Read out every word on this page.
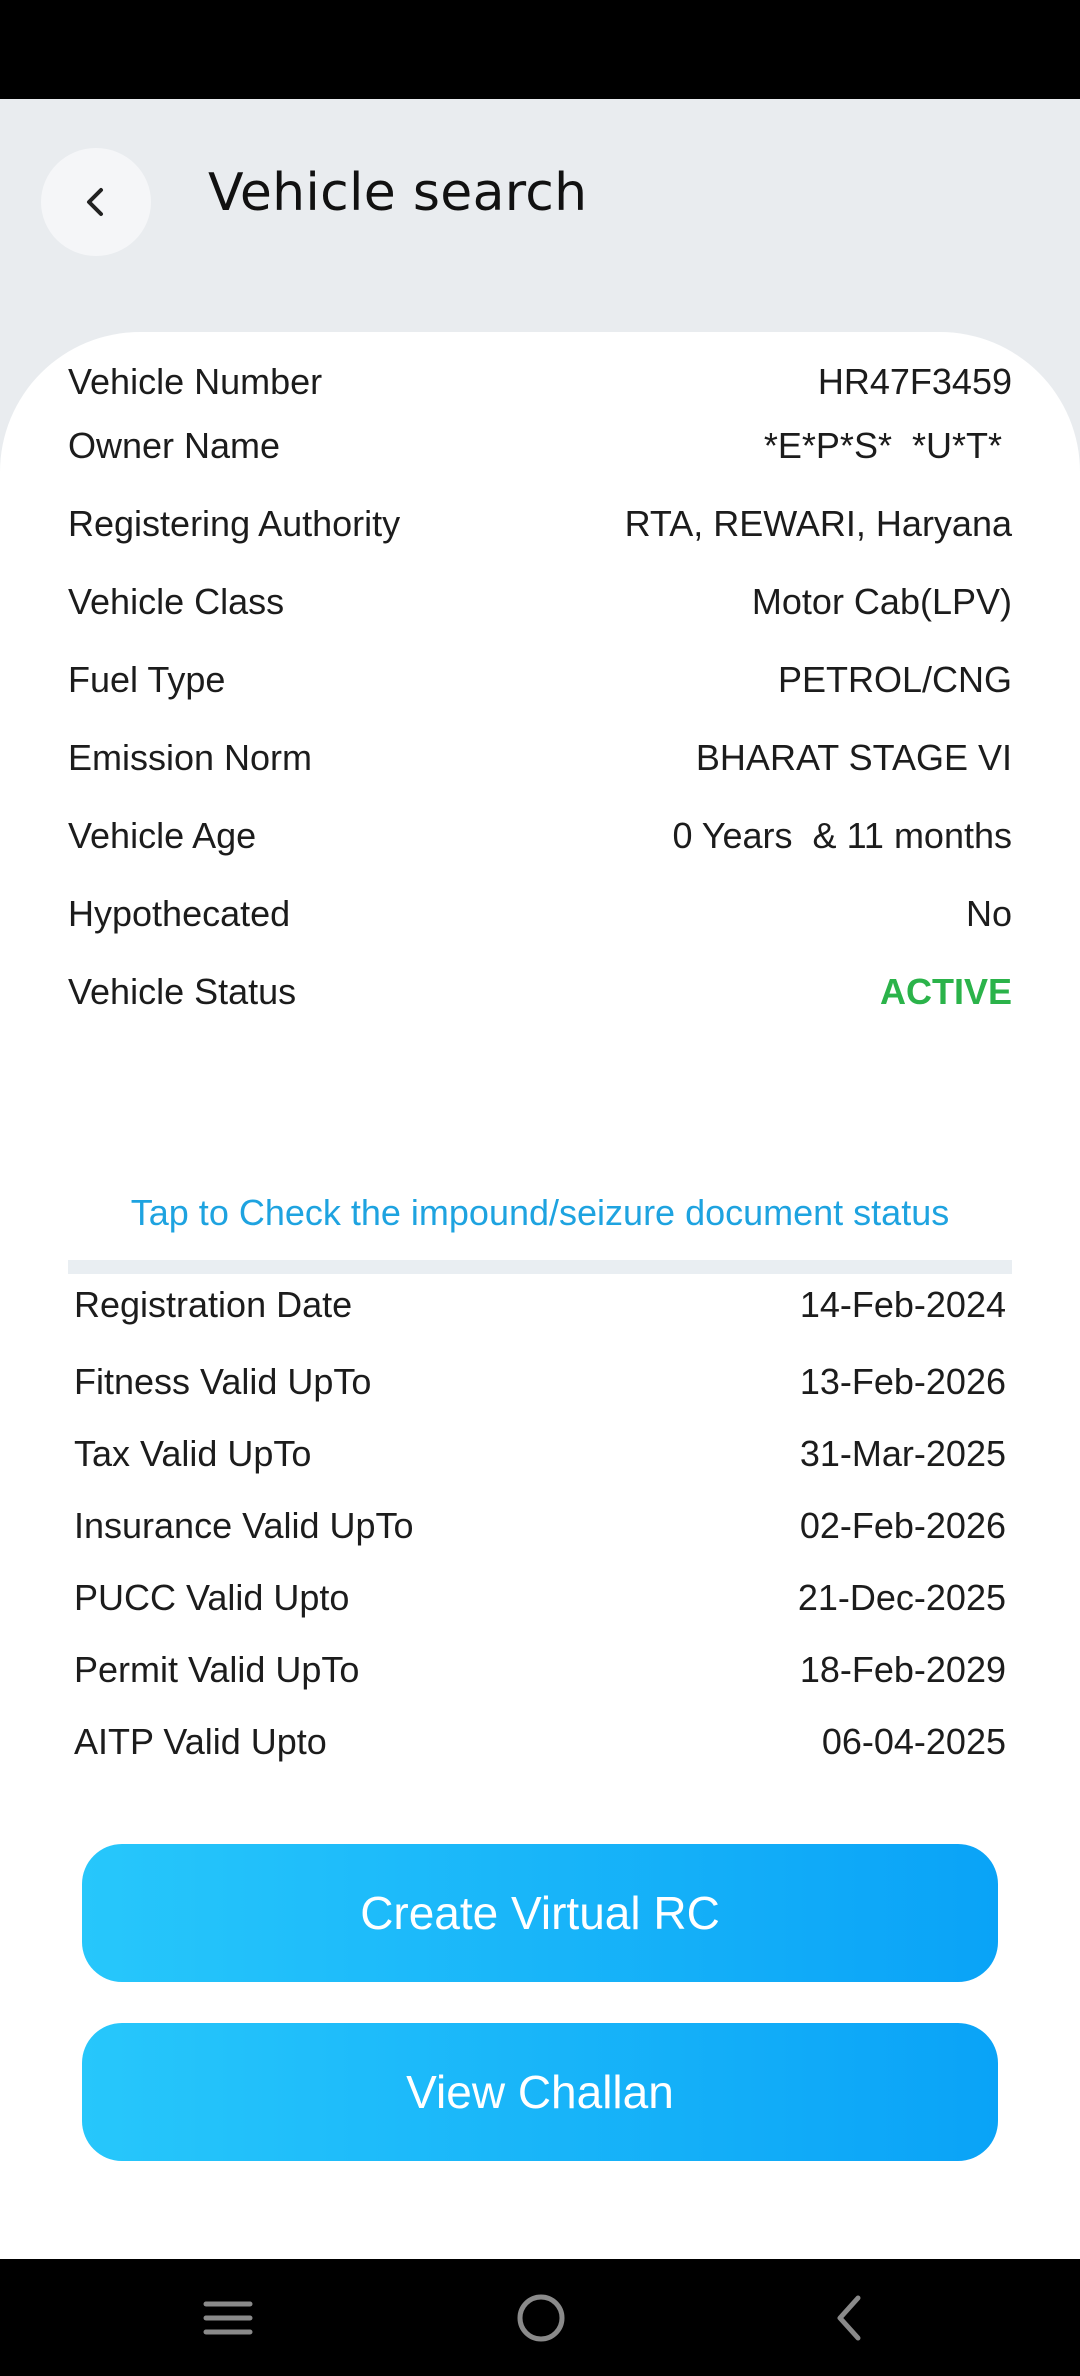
Vehicle search
Vehicle Number	HR47F3459
Owner Name	*E*P*S*  *U*T*
Registering Authority	RTA, REWARI, Haryana
Vehicle Class	Motor Cab(LPV)
Fuel Type	PETROL/CNG
Emission Norm	BHARAT STAGE VI
Vehicle Age	0 Years  & 11 months
Hypothecated	No
Vehicle Status	ACTIVE
Tap to Check the impound/seizure document status
Registration Date	14-Feb-2024
Fitness Valid UpTo	13-Feb-2026
Tax Valid UpTo	31-Mar-2025
Insurance Valid UpTo	02-Feb-2026
PUCC Valid Upto	21-Dec-2025
Permit Valid UpTo	18-Feb-2029
AITP Valid Upto	06-04-2025
Create Virtual RC
View Challan
